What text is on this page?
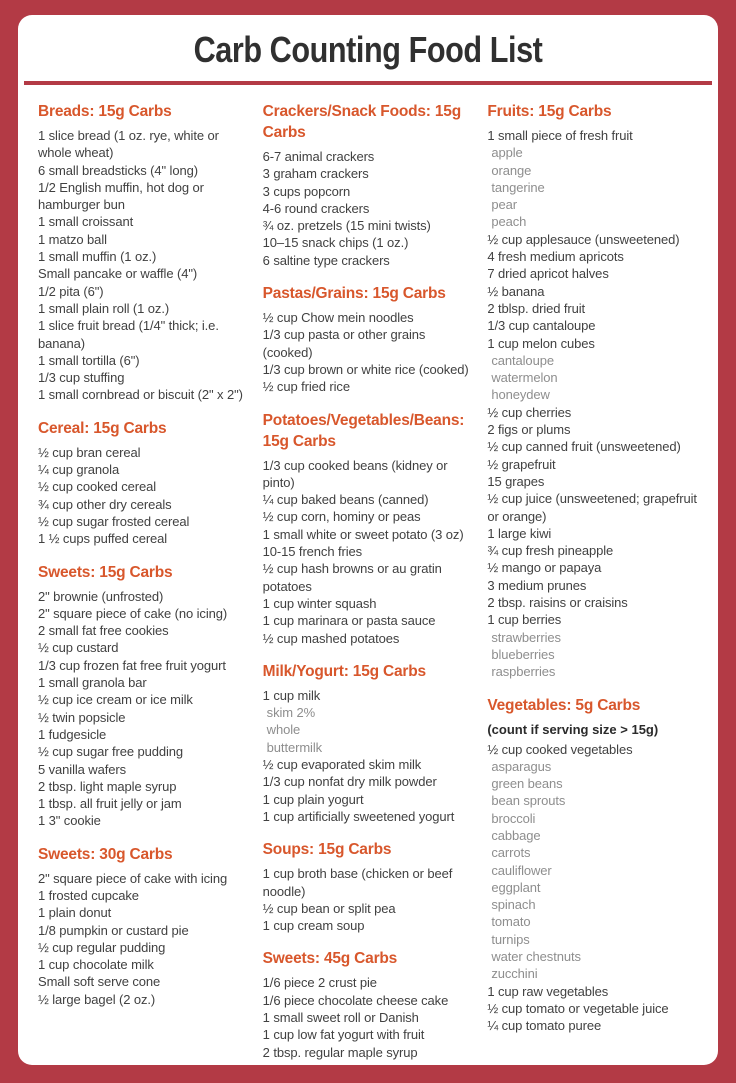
Carb Counting Food List
Breads: 15g Carbs
1 slice bread (1 oz. rye, white or whole wheat)
6 small breadsticks (4" long)
1/2 English muffin, hot dog or hamburger bun
1 small croissant
1 matzo ball
1 small muffin (1 oz.)
Small pancake or waffle (4")
1/2 pita (6")
1 small plain roll (1 oz.)
1 slice fruit bread (1/4" thick; i.e. banana)
1 small tortilla (6")
1/3 cup stuffing
1 small cornbread or biscuit (2" x 2")
Cereal: 15g Carbs
½ cup bran cereal
¼ cup granola
½ cup cooked cereal
¾ cup other dry cereals
½ cup sugar frosted cereal
1 ½ cups puffed cereal
Sweets: 15g Carbs
2" brownie (unfrosted)
2" square piece of cake (no icing)
2 small fat free cookies
½ cup custard
1/3 cup frozen fat free fruit yogurt
1 small granola bar
½ cup ice cream or ice milk
½ twin popsicle
1 fudgesicle
½ cup sugar free pudding
5 vanilla wafers
2 tbsp. light maple syrup
1 tbsp. all fruit jelly or jam
1 3" cookie
Sweets: 30g Carbs
2" square piece of cake with icing
1 frosted cupcake
1 plain donut
1/8 pumpkin or custard pie
½ cup regular pudding
1 cup chocolate milk
Small soft serve cone
½ large bagel (2 oz.)
Crackers/Snack Foods: 15g Carbs
6-7 animal crackers
3 graham crackers
3 cups popcorn
4-6 round crackers
¾ oz. pretzels (15 mini twists)
10–15 snack chips (1 oz.)
6 saltine type crackers
Pastas/Grains: 15g Carbs
½ cup Chow mein noodles
1/3 cup pasta or other grains (cooked)
1/3 cup brown or white rice (cooked)
½ cup fried rice
Potatoes/Vegetables/Beans: 15g Carbs
1/3 cup cooked beans (kidney or pinto)
¼ cup baked beans (canned)
½ cup corn, hominy or peas
1 small white or sweet potato (3 oz)
10-15 french fries
½ cup hash browns or au gratin potatoes
1 cup winter squash
1 cup marinara or pasta sauce
½ cup mashed potatoes
Milk/Yogurt: 15g Carbs
1 cup milk
skim 2%
whole
buttermilk
½ cup evaporated skim milk
1/3 cup nonfat dry milk powder
1 cup plain yogurt
1 cup artificially sweetened yogurt
Soups: 15g Carbs
1 cup broth base (chicken or beef noodle)
½ cup bean or split pea
1 cup cream soup
Sweets: 45g Carbs
1/6 piece 2 crust pie
1/6 piece chocolate cheese cake
1 small sweet roll or Danish
1 cup low fat yogurt with fruit
2 tbsp. regular maple syrup
Fruits: 15g Carbs
1 small piece of fresh fruit
apple
orange
tangerine
pear
peach
½ cup applesauce (unsweetened)
4 fresh medium apricots
7 dried apricot halves
½ banana
2 tblsp. dried fruit
1/3 cup cantaloupe
1 cup melon cubes
cantaloupe
watermelon
honeydew
½ cup cherries
2 figs or plums
½ cup canned fruit (unsweetened)
½ grapefruit
15 grapes
½ cup juice (unsweetened; grapefruit or orange)
1 large kiwi
¾ cup fresh pineapple
½ mango or papaya
3 medium prunes
2 tbsp. raisins or craisins
1 cup berries
strawberries
blueberries
raspberries
Vegetables: 5g Carbs
(count if serving size > 15g)
½ cup cooked vegetables
asparagus
green beans
bean sprouts
broccoli
cabbage
carrots
cauliflower
eggplant
spinach
tomato
turnips
water chestnuts
zucchini
1 cup raw vegetables
½ cup tomato or vegetable juice
¼ cup tomato puree
